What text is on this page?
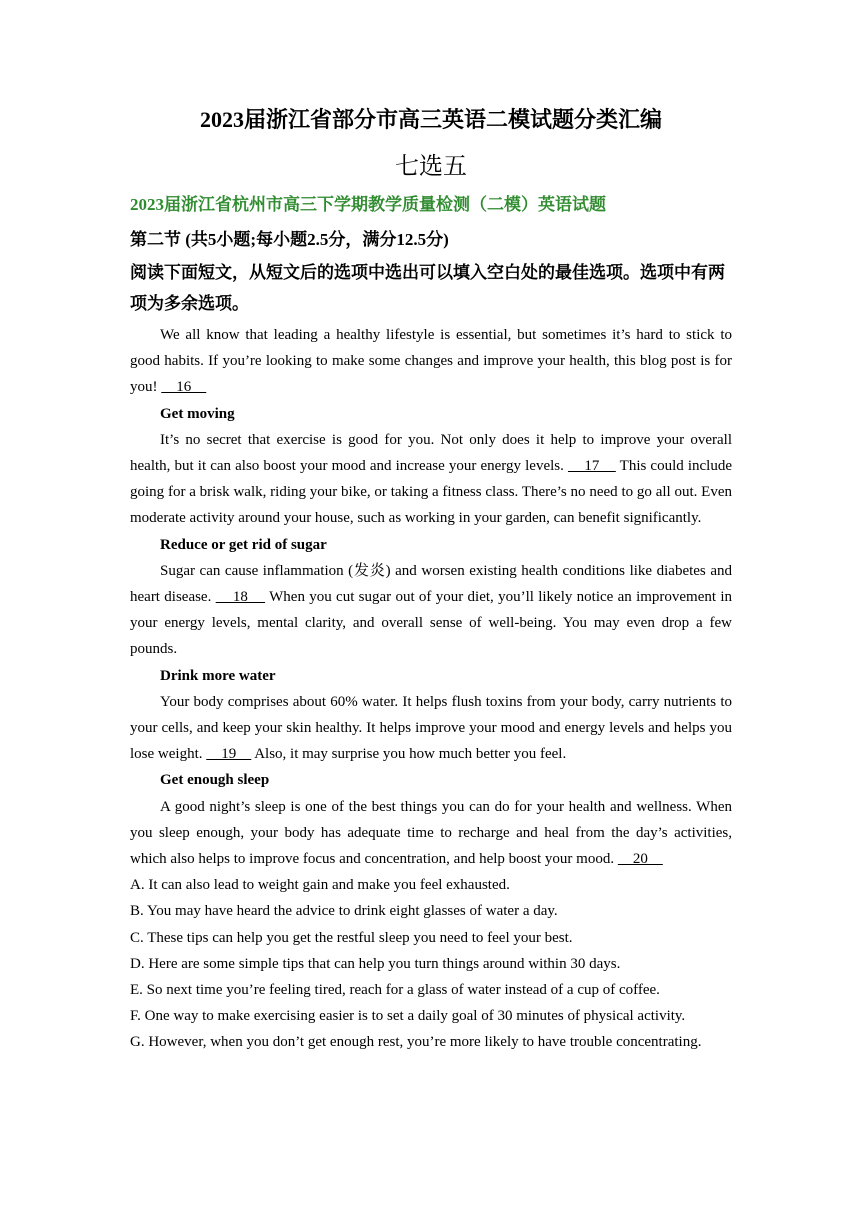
2023届浙江省部分市高三英语二模试题分类汇编
七选五
2023届浙江省杭州市高三下学期教学质量检测（二模）英语试题
第二节 (共5小题;每小题2.5分，满分12.5分)
阅读下面短文，从短文后的选项中选出可以填入空白处的最佳选项。选项中有两项为多余选项。

We all know that leading a healthy lifestyle is essential, but sometimes it’s hard to stick to good habits. If you’re looking to make some changes and improve your health, this blog post is for you!     16

Get moving

It’s no secret that exercise is good for you. Not only does it help to improve your overall health, but it can also boost your mood and increase your energy levels.     17     This could include going for a brisk walk, riding your bike, or taking a fitness class. There’s no need to go all out. Even moderate activity around your house, such as working in your garden, can benefit significantly.

Reduce or get rid of sugar

Sugar can cause inflammation (发炎) and worsen existing health conditions like diabetes and heart disease.     18     When you cut sugar out of your diet, you’ll likely notice an improvement in your energy levels, mental clarity, and overall sense of well-being. You may even drop a few pounds.

Drink more water

Your body comprises about 60% water. It helps flush toxins from your body, carry nutrients to your cells, and keep your skin healthy. It helps improve your mood and energy levels and helps you lose weight.     19     Also, it may surprise you how much better you feel.

Get enough sleep

A good night’s sleep is one of the best things you can do for your health and wellness. When you sleep enough, your body has adequate time to recharge and heal from the day’s activities, which also helps to improve focus and concentration, and help boost your mood.     20

A. It can also lead to weight gain and make you feel exhausted.
B. You may have heard the advice to drink eight glasses of water a day.
C. These tips can help you get the restful sleep you need to feel your best.
D. Here are some simple tips that can help you turn things around within 30 days.
E. So next time you’re feeling tired, reach for a glass of water instead of a cup of coffee.
F. One way to make exercising easier is to set a daily goal of 30 minutes of physical activity.
G. However, when you don’t get enough rest, you’re more likely to have trouble concentrating.
